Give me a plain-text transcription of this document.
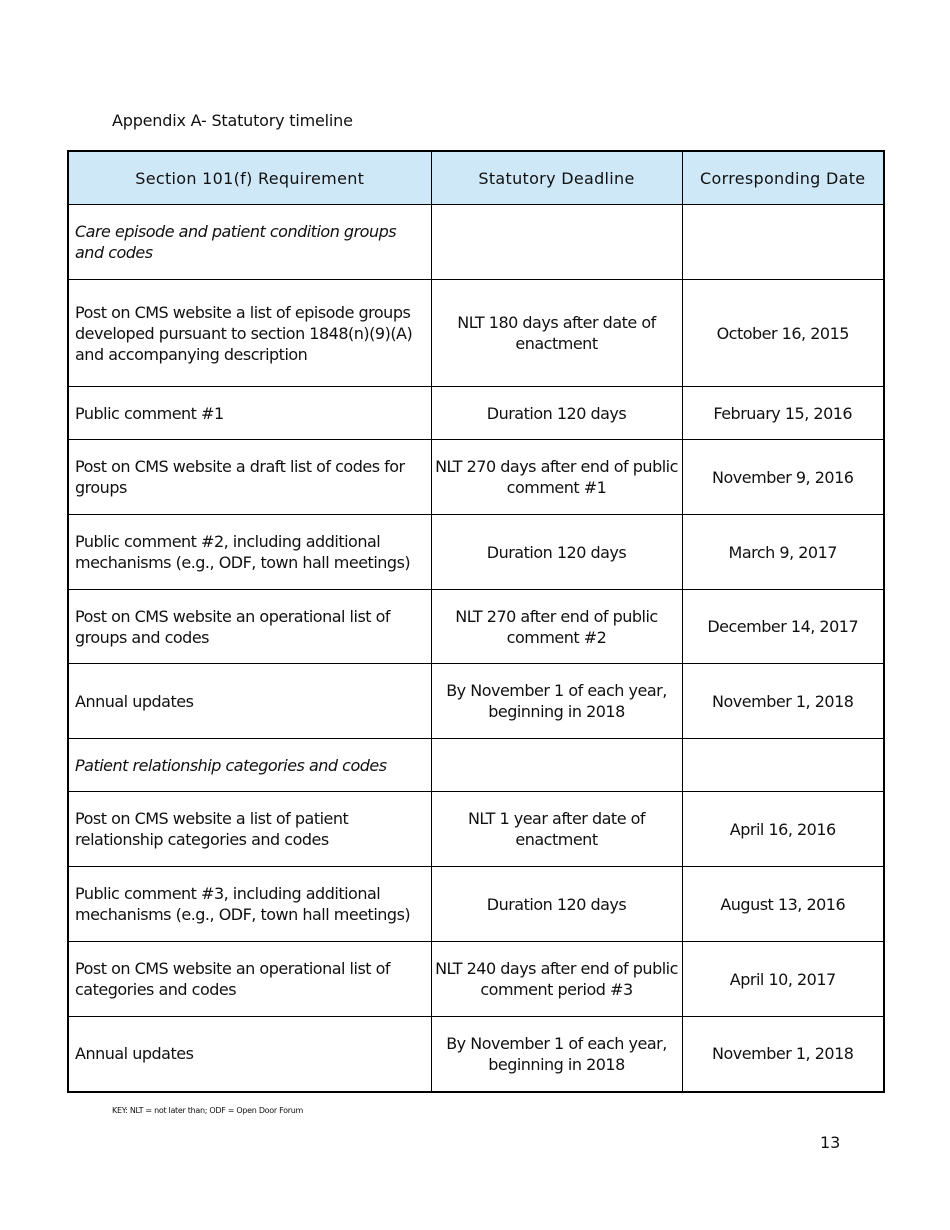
Appendix A- Statutory timeline
Section 101(f) Requirement	Statutory Deadline	Corresponding Date
Care episode and patient condition groups and codes		
Post on CMS website a list of episode groups developed pursuant to section 1848(n)(9)(A) and accompanying description	NLT 180 days after date of enactment	October 16, 2015
Public comment #1	Duration 120 days	February 15, 2016
Post on CMS website a draft list of codes for groups	NLT 270 days after end of public comment #1	November 9, 2016
Public comment #2, including additional mechanisms (e.g., ODF, town hall meetings)	Duration 120 days	March 9, 2017
Post on CMS website an operational list of groups and codes	NLT 270 after end of public comment #2	December 14, 2017
Annual updates	By November 1 of each year, beginning in 2018	November 1, 2018
Patient relationship categories and codes		
Post on CMS website a list of patient relationship categories and codes	NLT 1 year after date of enactment	April 16, 2016
Public comment #3, including additional mechanisms (e.g., ODF, town hall meetings)	Duration 120 days	August 13, 2016
Post on CMS website an operational list of categories and codes	NLT 240 days after end of public comment period #3	April 10, 2017
Annual updates	By November 1 of each year, beginning in 2018	November 1, 2018
KEY: NLT = not later than; ODF = Open Door Forum
13
